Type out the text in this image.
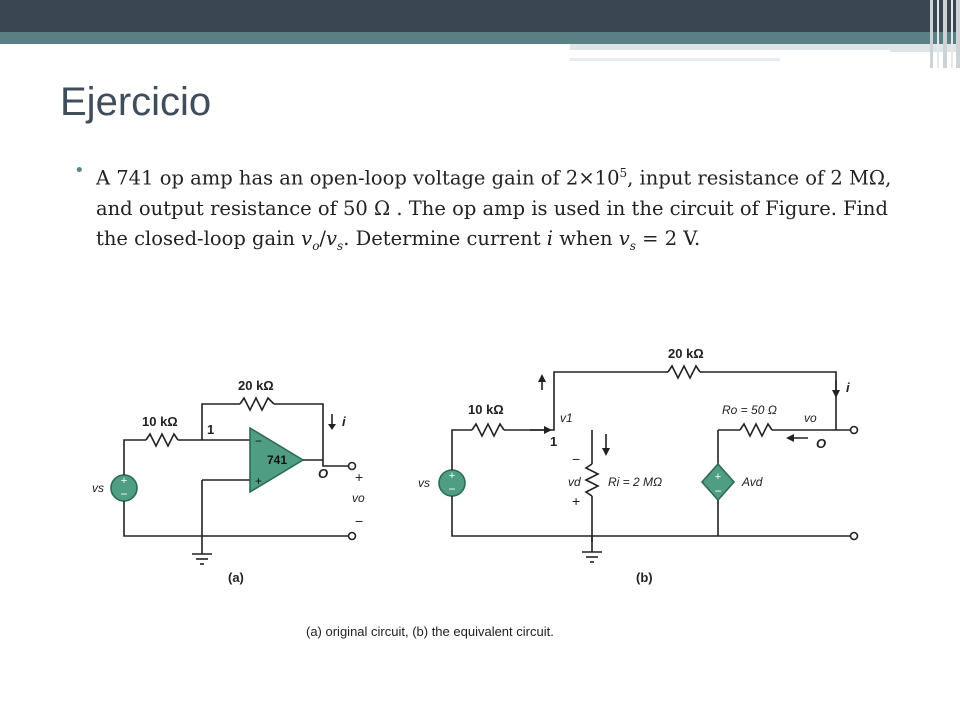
Ejercicio
• A 741 op amp has an open-loop voltage gain of $2\times 10^5$, input resistance of 2 MΩ, and output resistance of 50 Ω . The op amp is used in the circuit of Figure. Find the closed-loop gain $v_o/v_s$. Determine current i when $v_s = 2$ V.

+
−
vs
741
−
+
10 kΩ
20 kΩ
1
O
i
+
vo
−
(a)
+
−
vs	+
−
10 kΩ
20 kΩ
v1
1
Ro = 50 Ω
vo
O
Ri = 2 MΩ
−
vd
+
Avd
i
(b)
(a) original circuit, (b) the equivalent circuit.
